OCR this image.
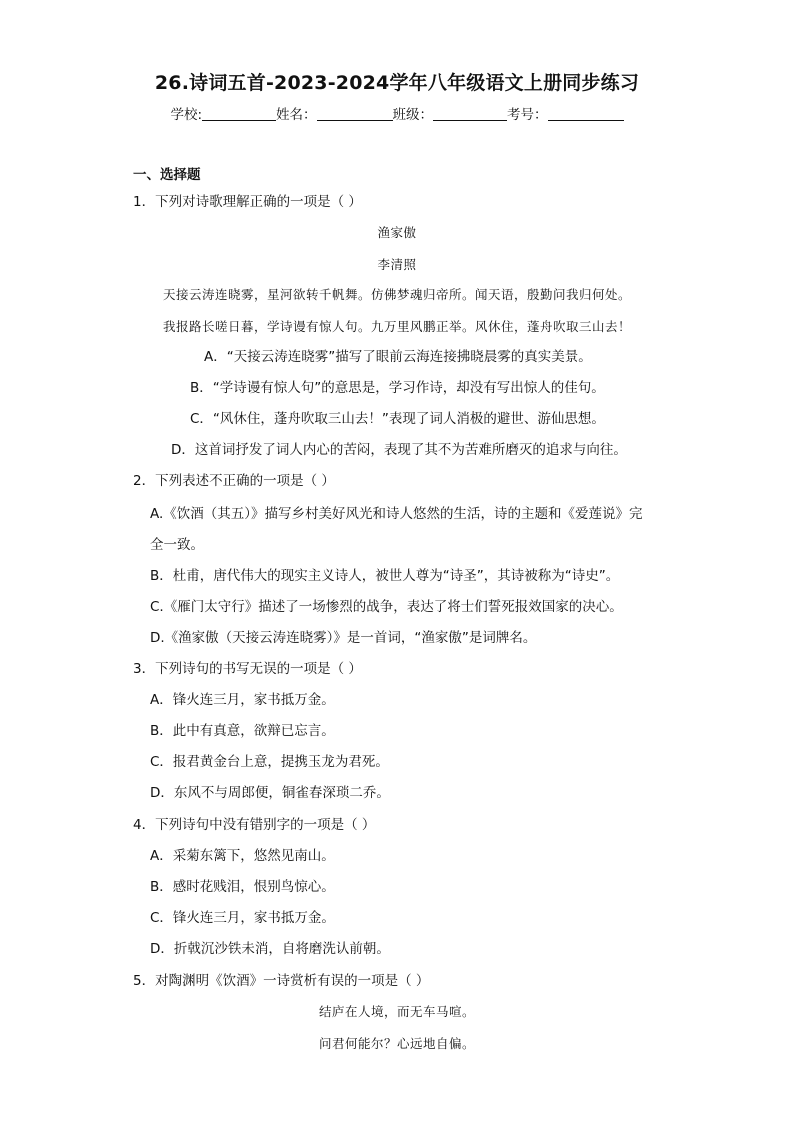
26.诗词五首-2023-2024学年八年级语文上册同步练习
学校:	姓名：	班级：	考号：
一、选择题
1．下列对诗歌理解正确的一项是（ ）
渔家傲
李清照
天接云涛连晓雾，星河欲转千帆舞。仿佛梦魂归帝所。闻天语，殷勤问我归何处。
我报路长嗟日暮，学诗谩有惊人句。九万里风鹏正举。风休住，蓬舟吹取三山去！
A．“天接云涛连晓雾”描写了眼前云海连接拂晓晨雾的真实美景。
B．“学诗谩有惊人句”的意思是，学习作诗，却没有写出惊人的佳句。
C．“风休住，蓬舟吹取三山去！”表现了词人消极的避世、游仙思想。
D．这首词抒发了词人内心的苦闷，表现了其不为苦难所磨灭的追求与向往。
2．下列表述不正确的一项是（ ）
A.《饮酒（其五）》描写乡村美好风光和诗人悠然的生活，诗的主题和《爱莲说》完
全一致。
B．杜甫，唐代伟大的现实主义诗人，被世人尊为“诗圣”，其诗被称为“诗史”。
C.《雁门太守行》描述了一场惨烈的战争，表达了将士们誓死报效国家的决心。
D.《渔家傲（天接云涛连晓雾）》是一首词，“渔家傲”是词牌名。
3．下列诗句的书写无误的一项是（ ）
A．锋火连三月，家书抵万金。
B．此中有真意，欲辩已忘言。
C．报君黄金台上意，提携玉龙为君死。
D．东风不与周郎便，铜雀春深琐二乔。
4．下列诗句中没有错别字的一项是（ ）
A．采菊东篱下，悠然见南山。
B．感时花贱泪，恨别鸟惊心。
C．锋火连三月，家书抵万金。
D．折戟沉沙铁未消，自将磨洗认前朝。
5．对陶渊明《饮酒》一诗赏析有误的一项是（ ）
结庐在人境，而无车马喧。
问君何能尔？心远地自偏。
